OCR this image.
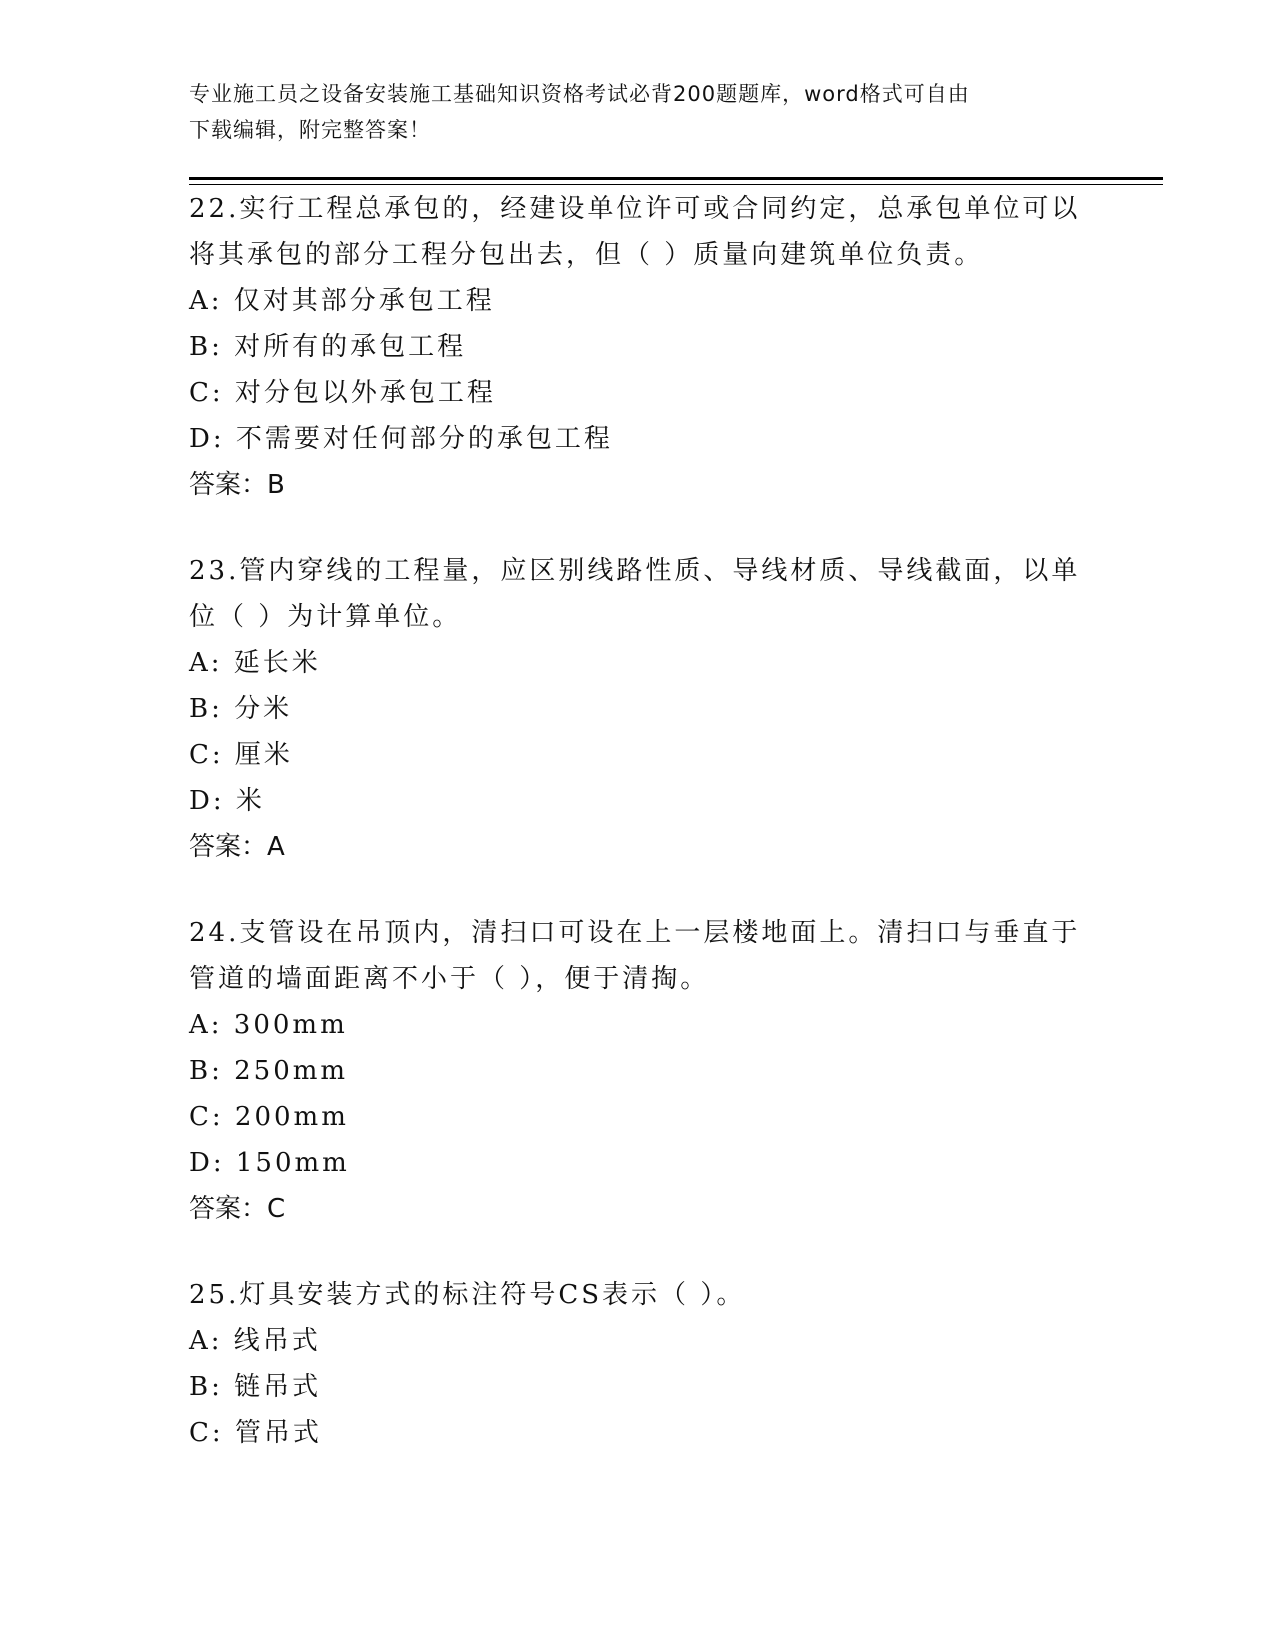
专业施工员之设备安装施工基础知识资格考试必背200题题库，word格式可自由
下载编辑，附完整答案！

22.实行工程总承包的，经建设单位许可或合同约定，总承包单位可以

将其承包的部分工程分包出去，但（ ）质量向建筑单位负责。

A: 仅对其部分承包工程

B: 对所有的承包工程

C: 对分包以外承包工程

D: 不需要对任何部分的承包工程

答案：B

23.管内穿线的工程量，应区别线路性质、导线材质、导线截面，以单

位（ ）为计算单位。

A: 延长米

B: 分米

C: 厘米

D: 米

答案：A

24.支管设在吊顶内，清扫口可设在上一层楼地面上。清扫口与垂直于

管道的墙面距离不小于（ ），便于清掏。

A: 300mm

B: 250mm

C: 200mm

D: 150mm

答案：C

25.灯具安装方式的标注符号CS表示（ ）。

A: 线吊式

B: 链吊式

C: 管吊式
